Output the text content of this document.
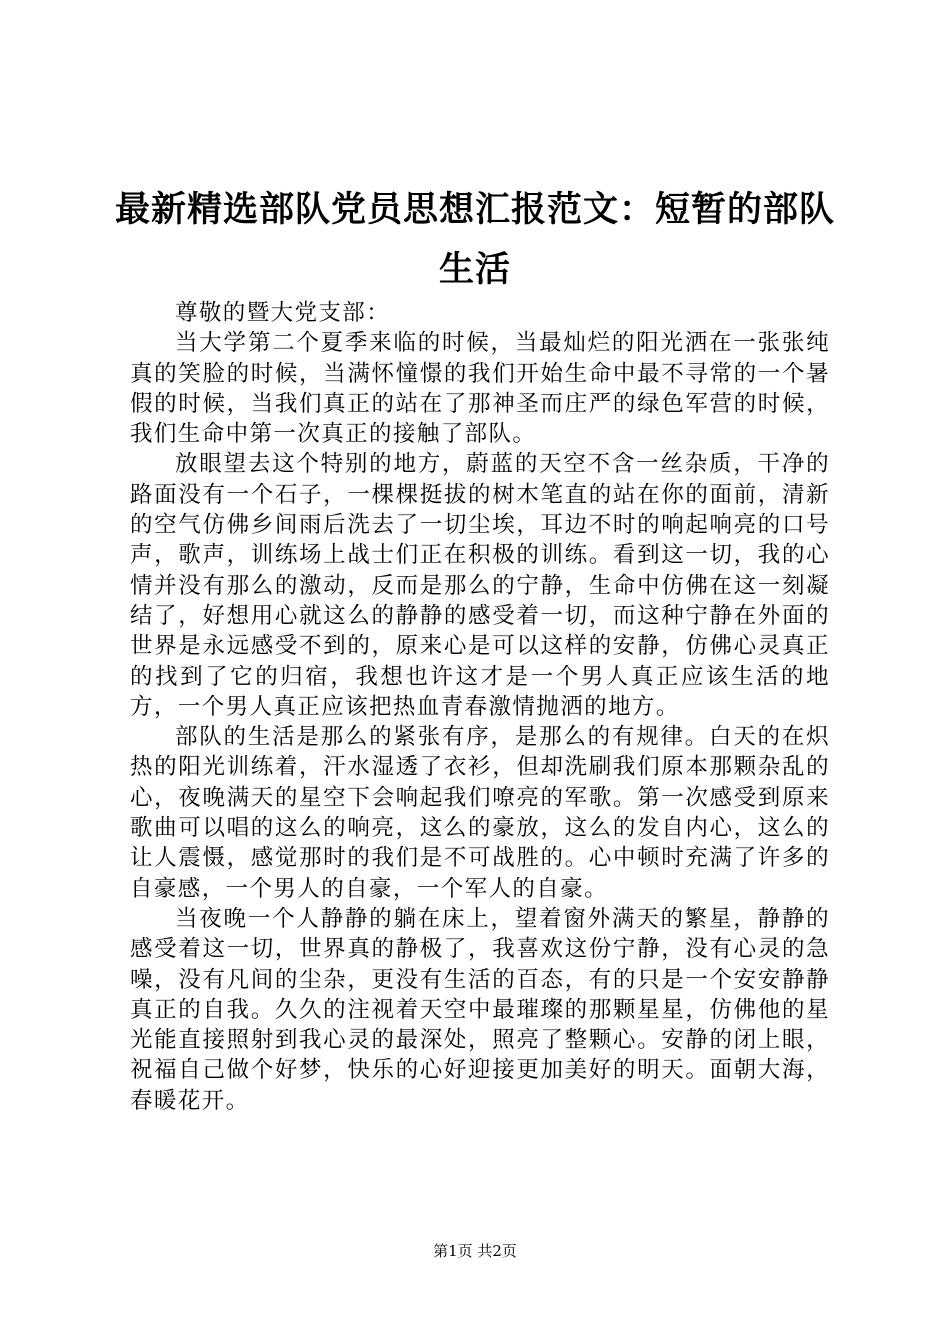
最新精选部队党员思想汇报范文：短暂的部队生活

尊敬的暨大党支部：

当大学第二个夏季来临的时候，当最灿烂的阳光洒在一张张纯真的笑脸的时候，当满怀憧憬的我们开始生命中最不寻常的一个暑假的时候，当我们真正的站在了那神圣而庄严的绿色军营的时候，我们生命中第一次真正的接触了部队。

放眼望去这个特别的地方，蔚蓝的天空不含一丝杂质，干净的路面没有一个石子，一棵棵挺拔的树木笔直的站在你的面前，清新的空气仿佛乡间雨后洗去了一切尘埃，耳边不时的响起响亮的口号声，歌声，训练场上战士们正在积极的训练。看到这一切，我的心情并没有那么的激动，反而是那么的宁静，生命中仿佛在这一刻凝结了，好想用心就这么的静静的感受着一切，而这种宁静在外面的世界是永远感受不到的，原来心是可以这样的安静，仿佛心灵真正的找到了它的归宿，我想也许这才是一个男人真正应该生活的地方，一个男人真正应该把热血青春激情抛洒的地方。

部队的生活是那么的紧张有序，是那么的有规律。白天的在炽热的阳光训练着，汗水湿透了衣衫，但却洗刷我们原本那颗杂乱的心，夜晚满天的星空下会响起我们嘹亮的军歌。第一次感受到原来歌曲可以唱的这么的响亮，这么的豪放，这么的发自内心，这么的让人震慑，感觉那时的我们是不可战胜的。心中顿时充满了许多的自豪感，一个男人的自豪，一个军人的自豪。

当夜晚一个人静静的躺在床上，望着窗外满天的繁星，静静的感受着这一切，世界真的静极了，我喜欢这份宁静，没有心灵的急噪，没有凡间的尘杂，更没有生活的百态，有的只是一个安安静静真正的自我。久久的注视着天空中最璀璨的那颗星星，仿佛他的星光能直接照射到我心灵的最深处，照亮了整颗心。安静的闭上眼，祝福自己做个好梦，快乐的心好迎接更加美好的明天。面朝大海，春暖花开。

第1页 共2页
